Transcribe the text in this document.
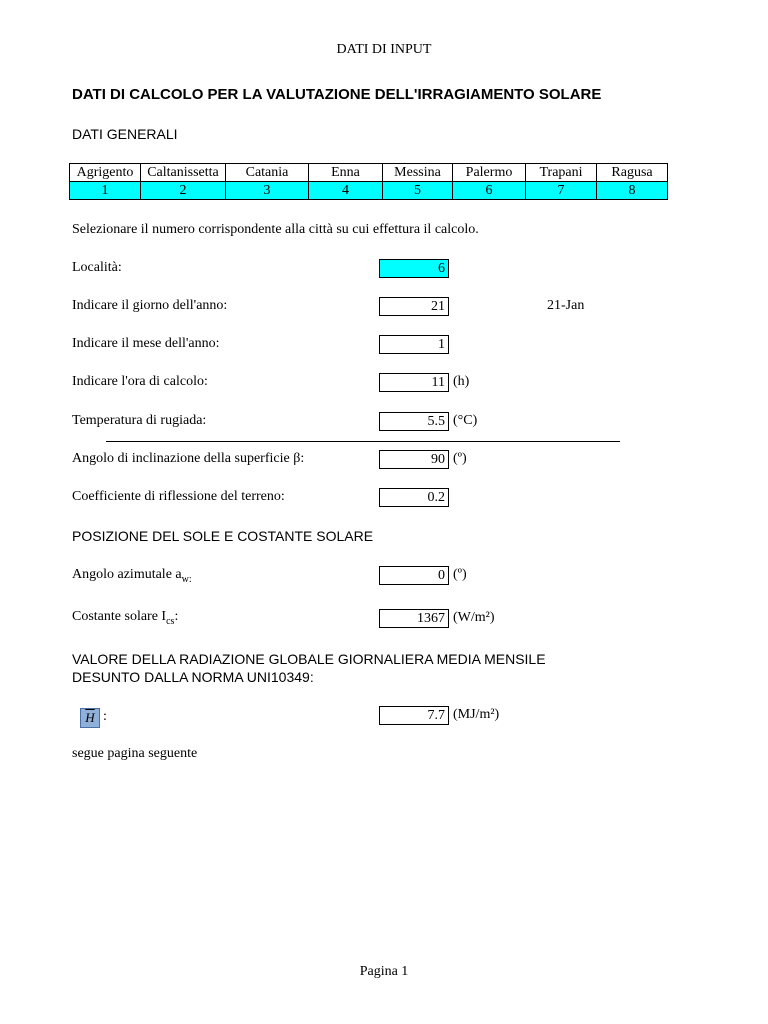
DATI DI INPUT
DATI DI CALCOLO PER LA VALUTAZIONE DELL'IRRAGIAMENTO SOLARE
DATI GENERALI
Agrigento	Caltanissetta	Catania	Enna	Messina	Palermo	Trapani	Ragusa
1	2	3	4	5	6	7	8
Selezionare il numero corrispondente alla città su cui effettura il calcolo.
Località:	6
Indicare il giorno dell'anno:	21	21-Jan
Indicare il mese dell'anno:	1
Indicare l'ora di calcolo:	11 (h)
Temperatura di rugiada:	5.5 (°C)
Angolo di inclinazione della superficie β:	90 (º)
Coefficiente di riflessione del terreno:	0.2
POSIZIONE DEL SOLE E COSTANTE SOLARE
Angolo azimutale $a_{w:}$	0 (º)
Costante solare $I_{cs}$:	1367 (W/m²)
VALORE DELLA RADIAZIONE GLOBALE GIORNALIERA MEDIA MENSILE
DESUNTO DALLA NORMA UNI10349:
$\overline{H}$ :	7.7 (MJ/m²)
segue pagina seguente
Pagina 1
